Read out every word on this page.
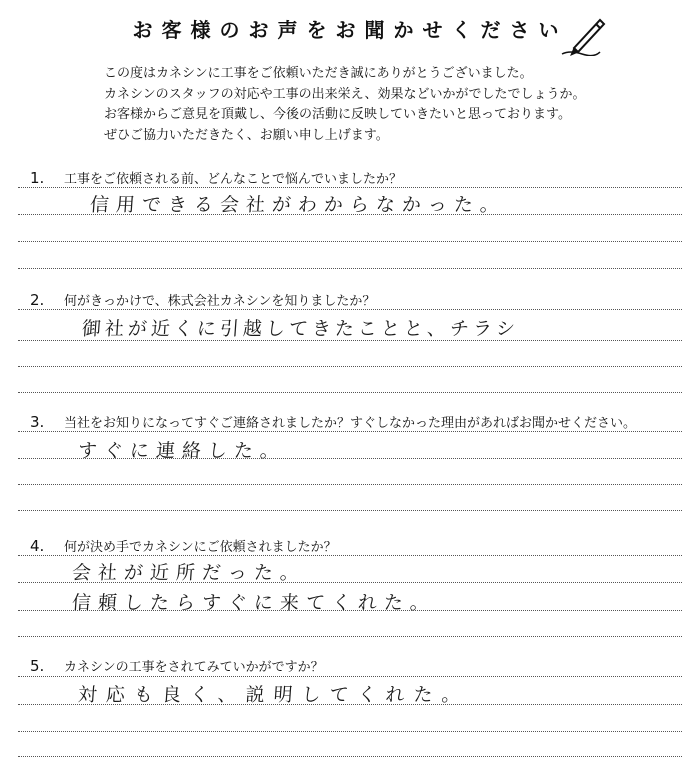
お客様のお声をお聞かせください
この度はカネシンに工事をご依頼いただき誠にありがとうございました。
カネシンのスタッフの対応や工事の出来栄え、効果などいかがでしたでしょうか。
お客様からご意見を頂戴し、今後の活動に反映していきたいと思っております。
ぜひご協力いただきたく、お願い申し上げます。
1. 工事をご依頼される前、どんなことで悩んでいましたか？
信用できる会社がわからなかった。
2. 何がきっかけで、株式会社カネシンを知りましたか？
御社が近くに引越してきたことと、チラシ
3. 当社をお知りになってすぐご連絡されましたか？すぐしなかった理由があればお聞かせください。
すぐに連絡した。
4. 何が決め手でカネシンにご依頼されましたか？
会社が近所だった。
信頼したらすぐに来てくれた。
5. カネシンの工事をされてみていかがですか？
対応も良く、説明してくれた。
